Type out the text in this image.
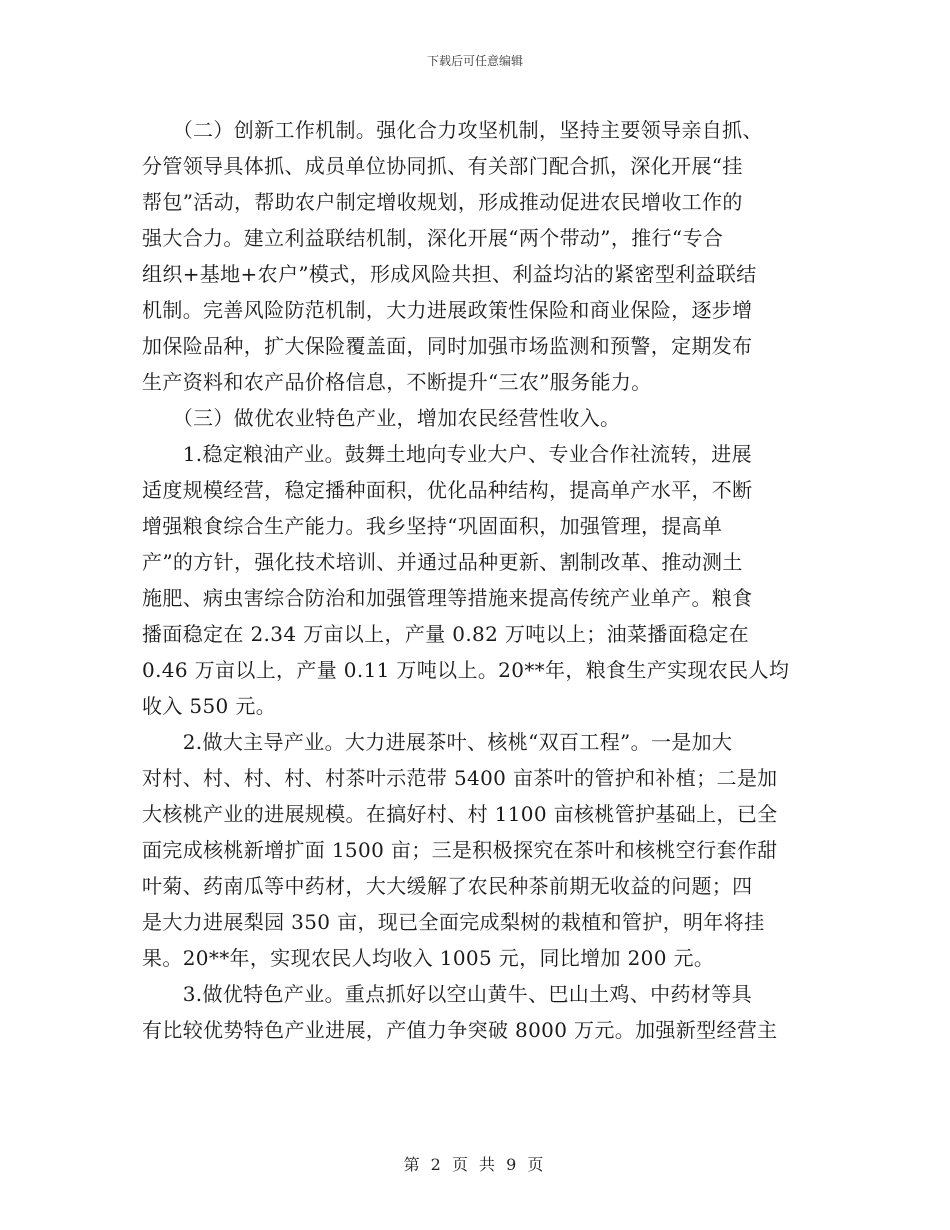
下载后可任意编辑
　　（二）创新工作机制。强化合力攻坚机制，坚持主要领导亲自抓、
分管领导具体抓、成员单位协同抓、有关部门配合抓，深化开展“挂
帮包”活动，帮助农户制定增收规划，形成推动促进农民增收工作的
强大合力。建立利益联结机制，深化开展“两个带动”，推行“专合
组织+基地+农户”模式，形成风险共担、利益均沾的紧密型利益联结
机制。完善风险防范机制，大力进展政策性保险和商业保险，逐步增
加保险品种，扩大保险覆盖面，同时加强市场监测和预警，定期发布
生产资料和农产品价格信息，不断提升“三农”服务能力。
　　（三）做优农业特色产业，增加农民经营性收入。
　　1.稳定粮油产业。鼓舞土地向专业大户、专业合作社流转，进展
适度规模经营，稳定播种面积，优化品种结构，提高单产水平，不断
增强粮食综合生产能力。我乡坚持“巩固面积，加强管理，提高单
产”的方针，强化技术培训、并通过品种更新、割制改革、推动测土
施肥、病虫害综合防治和加强管理等措施来提高传统产业单产。粮食
播面稳定在 2.34 万亩以上，产量 0.82 万吨以上；油菜播面稳定在
0.46 万亩以上，产量 0.11 万吨以上。20**年，粮食生产实现农民人均
收入 550 元。
　　2.做大主导产业。大力进展茶叶、核桃“双百工程”。一是加大
对村、村、村、村、村茶叶示范带 5400 亩茶叶的管护和补植；二是加
大核桃产业的进展规模。在搞好村、村 1100 亩核桃管护基础上，已全
面完成核桃新增扩面 1500 亩；三是积极探究在茶叶和核桃空行套作甜
叶菊、药南瓜等中药材，大大缓解了农民种茶前期无收益的问题；四
是大力进展梨园 350 亩，现已全面完成梨树的栽植和管护，明年将挂
果。20**年，实现农民人均收入 1005 元，同比增加 200 元。
　　3.做优特色产业。重点抓好以空山黄牛、巴山土鸡、中药材等具
有比较优势特色产业进展，产值力争突破 8000 万元。加强新型经营主
第 2 页 共 9 页
